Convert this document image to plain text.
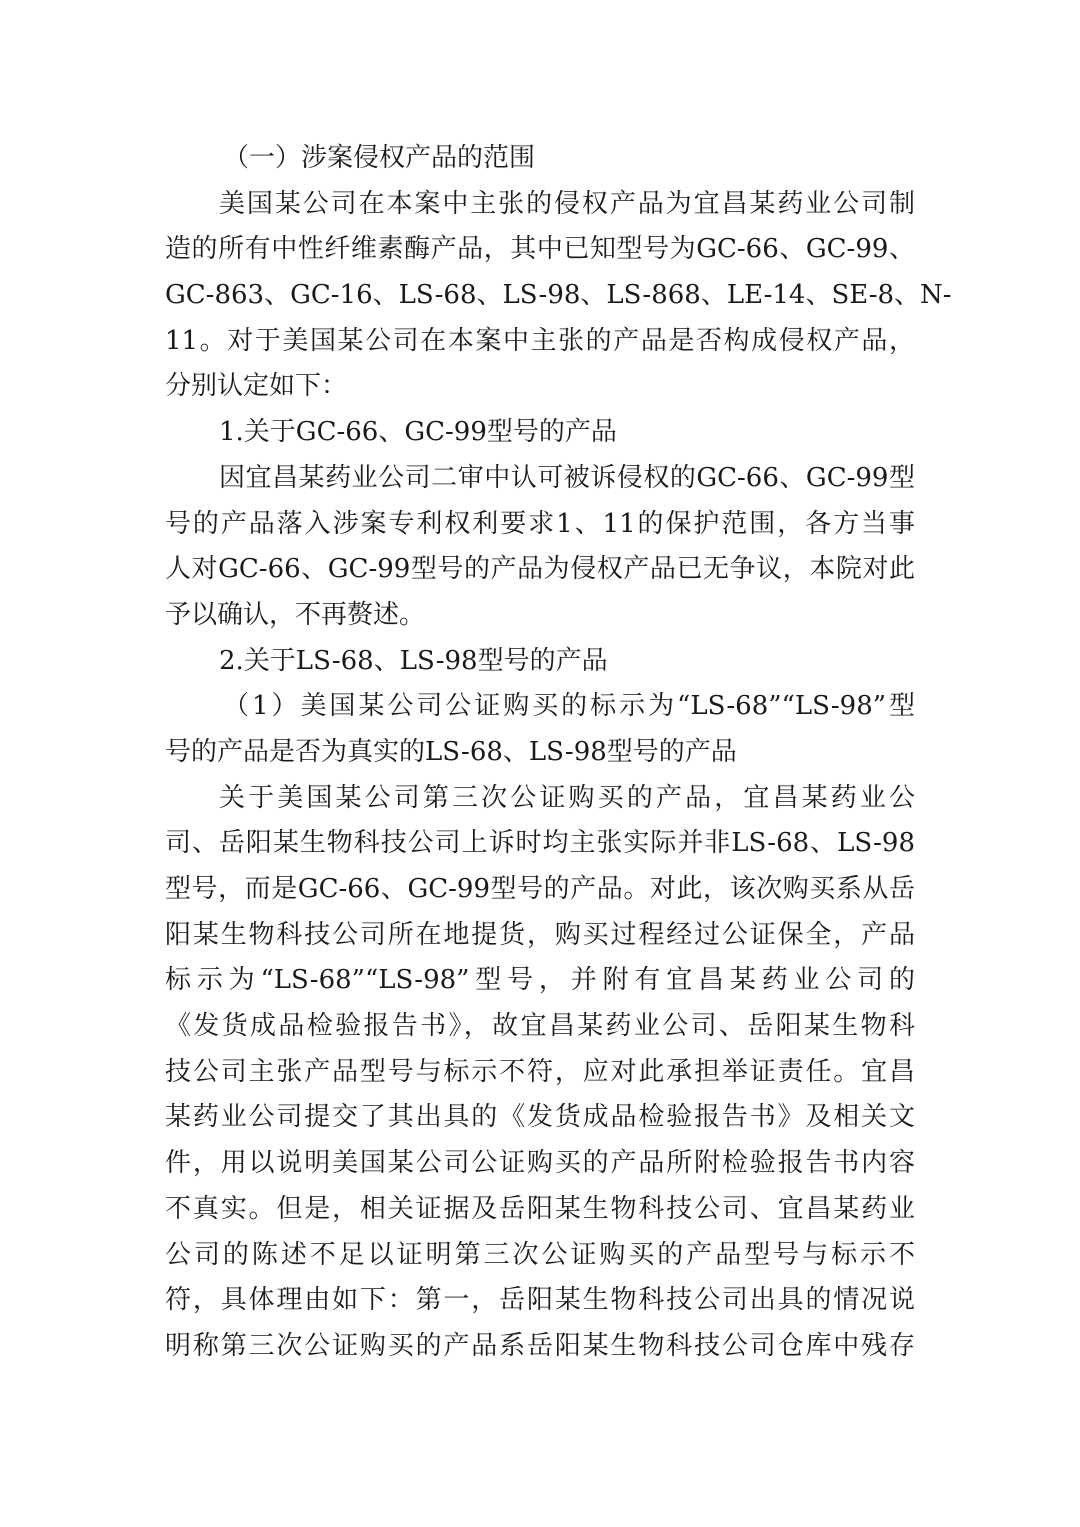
（一）涉案侵权产品的范围
美国某公司在本案中主张的侵权产品为宜昌某药业公司制
造的所有中性纤维素酶产品，其中已知型号为GC-66、GC-99、
GC-863、GC-16、LS-68、LS-98、LS-868、LE-14、SE-8、N-
11。对于美国某公司在本案中主张的产品是否构成侵权产品，
分别认定如下：
1.关于GC-66、GC-99型号的产品
因宜昌某药业公司二审中认可被诉侵权的GC-66、GC-99型
号的产品落入涉案专利权利要求1、11的保护范围，各方当事
人对GC-66、GC-99型号的产品为侵权产品已无争议，本院对此
予以确认，不再赘述。
2.关于LS-68、LS-98型号的产品
（1）美国某公司公证购买的标示为“LS-68”“LS-98”型
号的产品是否为真实的LS-68、LS-98型号的产品
关于美国某公司第三次公证购买的产品，宜昌某药业公
司、岳阳某生物科技公司上诉时均主张实际并非LS-68、LS-98
型号，而是GC-66、GC-99型号的产品。对此，该次购买系从岳
阳某生物科技公司所在地提货，购买过程经过公证保全，产品
标示为“LS-68”“LS-98”型号，并附有宜昌某药业公司的
《发货成品检验报告书》，故宜昌某药业公司、岳阳某生物科
技公司主张产品型号与标示不符，应对此承担举证责任。宜昌
某药业公司提交了其出具的《发货成品检验报告书》及相关文
件，用以说明美国某公司公证购买的产品所附检验报告书内容
不真实。但是，相关证据及岳阳某生物科技公司、宜昌某药业
公司的陈述不足以证明第三次公证购买的产品型号与标示不
符，具体理由如下：第一，岳阳某生物科技公司出具的情况说
明称第三次公证购买的产品系岳阳某生物科技公司仓库中残存
